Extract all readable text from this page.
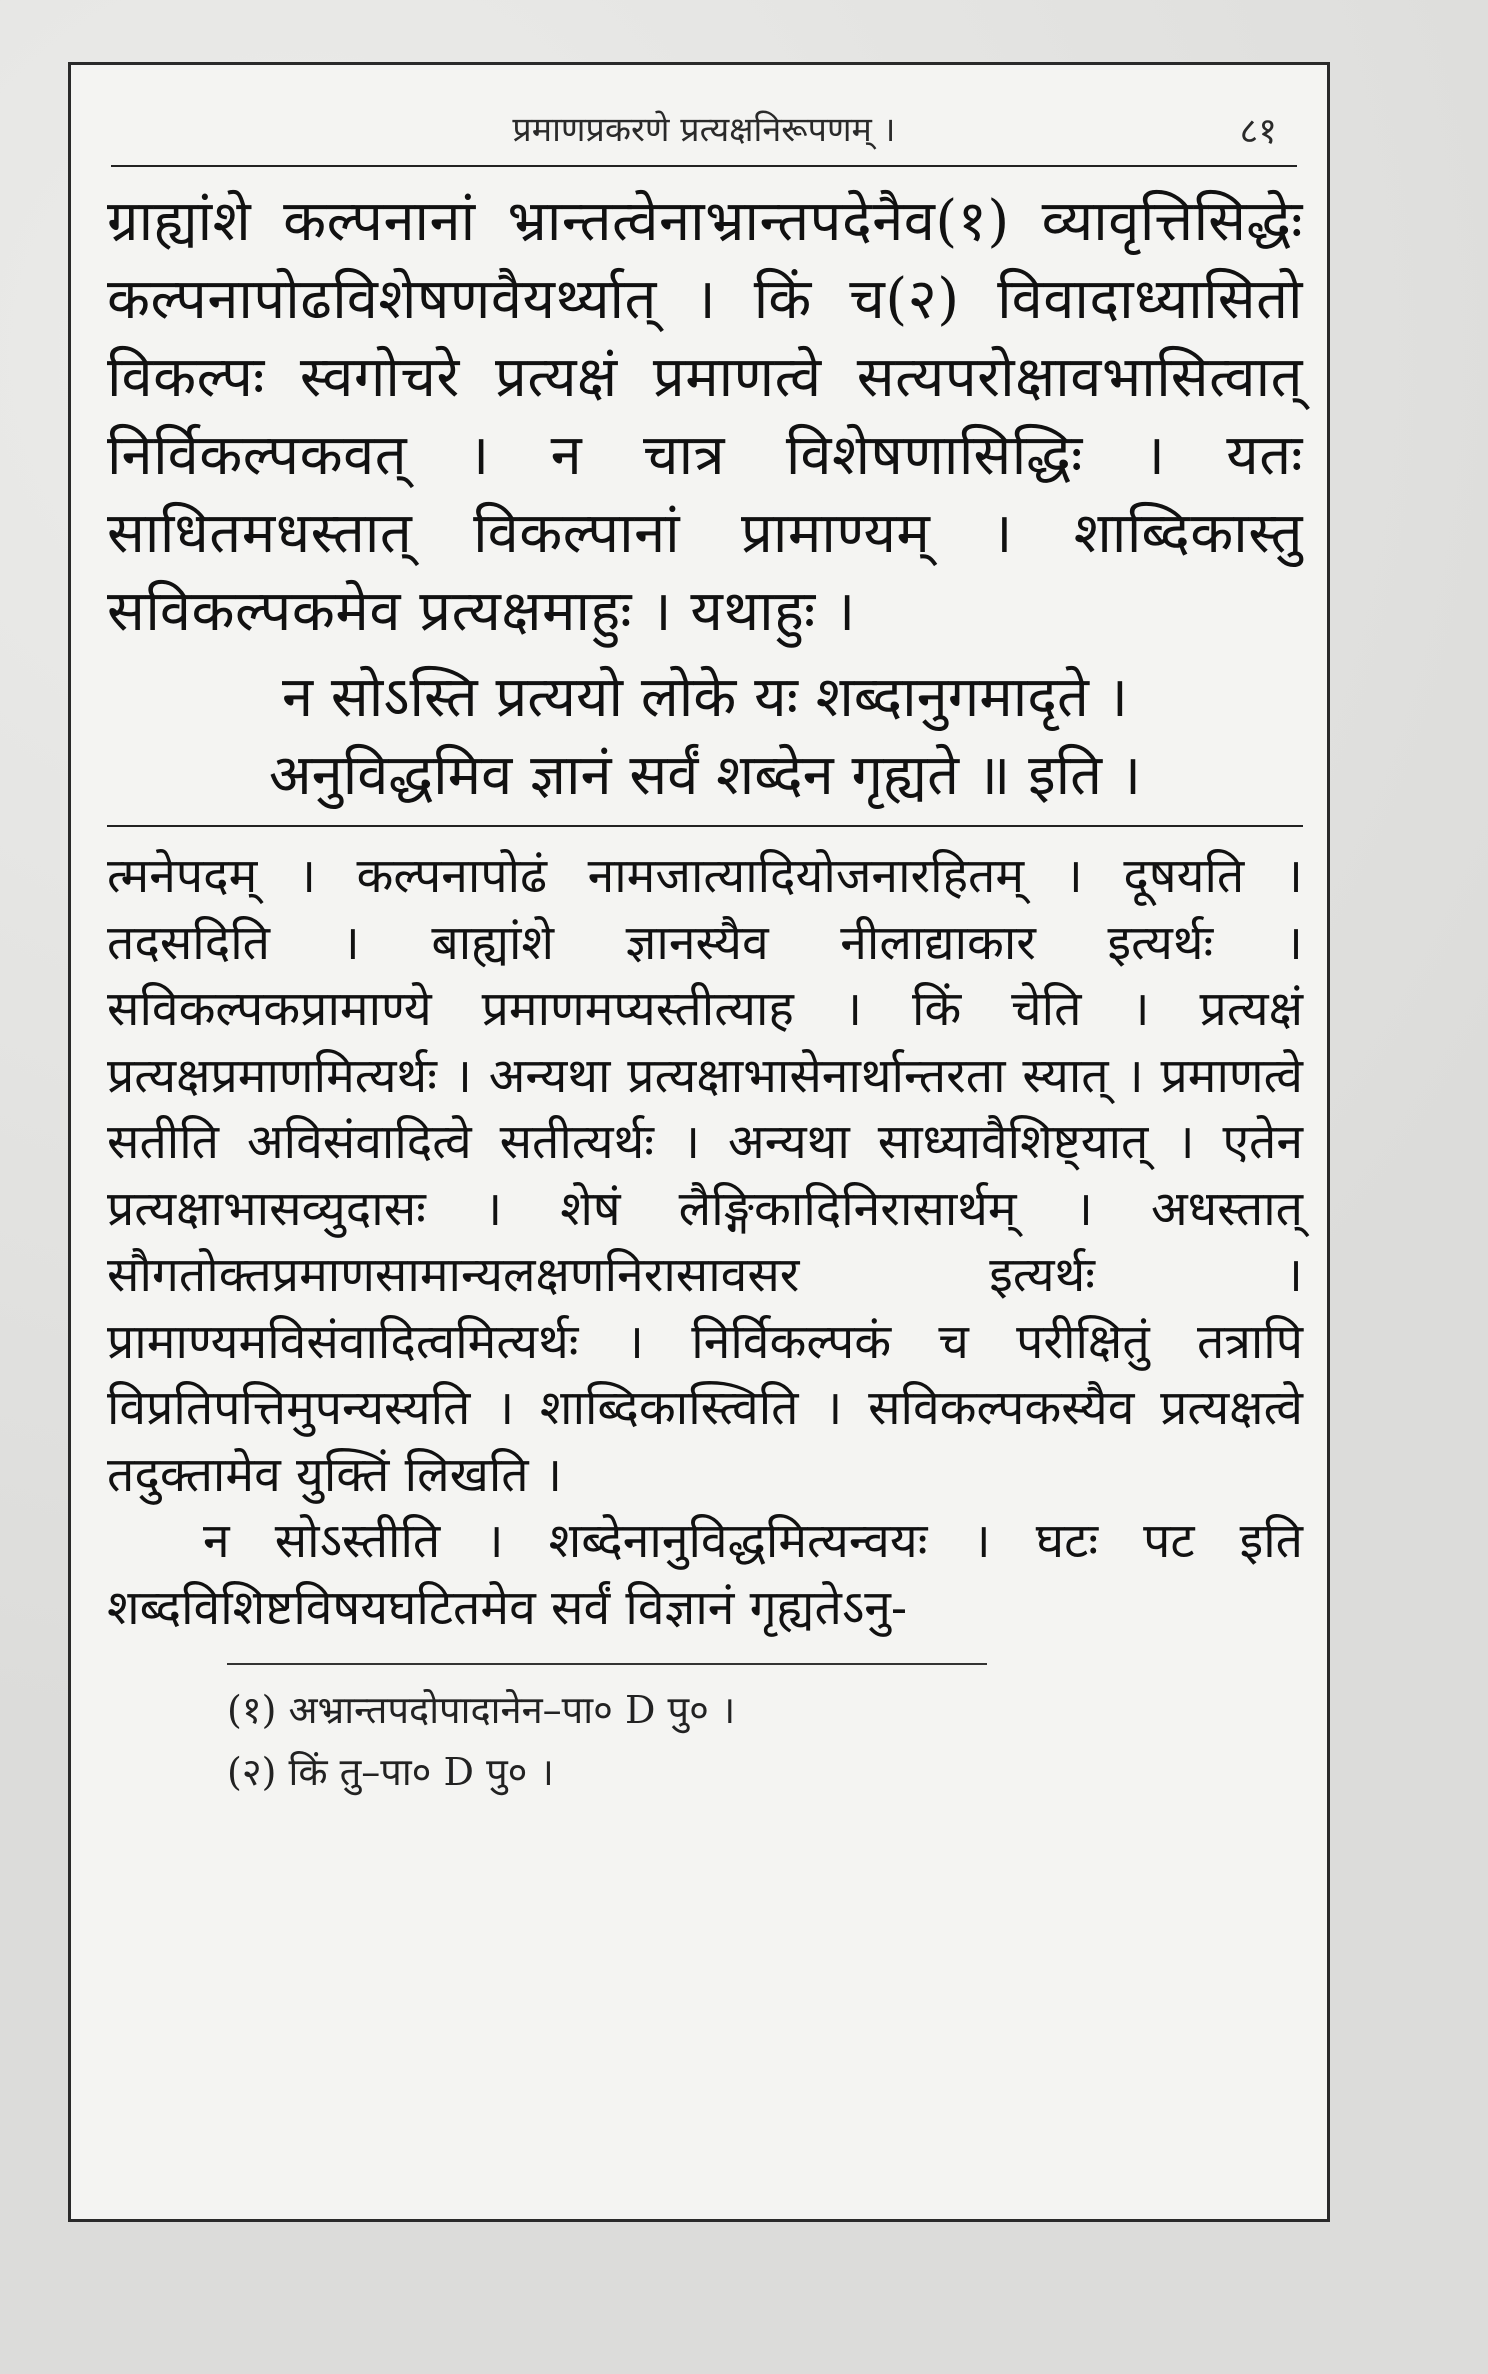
प्रमाणप्रकरणे प्रत्यक्षनिरूपणम् ।	८१

ग्राह्यांशे कल्पनानां भ्रान्तत्वेनाभ्रान्तपदेनैव(१) व्यावृत्तिसिद्धेः कल्पनापोढविशेषणवैयर्थ्यात् । किं च(२) विवादाध्यासितो विकल्पः स्वगोचरे प्रत्यक्षं प्रमाणत्वे सत्यपरोक्षावभासित्वात् निर्विकल्पकवत् । न चात्र विशेषणासिद्धिः । यतः साधितमधस्तात् विकल्पानां प्रामाण्यम् । शाब्दिकास्तु सविकल्पकमेव प्रत्यक्षमाहुः । यथाहुः ।

न सोऽस्ति प्रत्ययो लोके यः शब्दानुगमादृते ।

अनुविद्धमिव ज्ञानं सर्वं शब्देन गृह्यते ॥ इति ।

त्मनेपदम् । कल्पनापोढं नामजात्यादियोजनारहितम् । दूषयति । तदसदिति । बाह्यांशे ज्ञानस्यैव नीलाद्याकार इत्यर्थः । सविकल्पकप्रामाण्ये प्रमाणमप्यस्तीत्याह । किं चेति । प्रत्यक्षं प्रत्यक्षप्रमाणमित्यर्थः । अन्यथा प्रत्यक्षाभासेनार्थान्तरता स्यात् । प्रमाणत्वे सतीति अविसंवादित्वे सतीत्यर्थः । अन्यथा साध्यावैशिष्ट्यात् । एतेन प्रत्यक्षाभासव्युदासः । शेषं लैङ्गिकादिनिरासार्थम् । अधस्तात् सौगतोक्तप्रमाणसामान्यलक्षणनिरासावसर इत्यर्थः । प्रामाण्यमविसंवादित्वमित्यर्थः । निर्विकल्पकं च परीक्षितुं तत्रापि विप्रतिपत्तिमुपन्यस्यति । शाब्दिकास्त्विति । सविकल्पकस्यैव प्रत्यक्षत्वे तदुक्तामेव युक्तिं लिखति ।

न सोऽस्तीति । शब्देनानुविद्धमित्यन्वयः । घटः पट इति शब्दविशिष्टविषयघटितमेव सर्वं विज्ञानं गृह्यतेऽनु-

(१) अभ्रान्तपदोपादानेन–पा० D पु० ।
(२) किं तु–पा० D पु० ।
